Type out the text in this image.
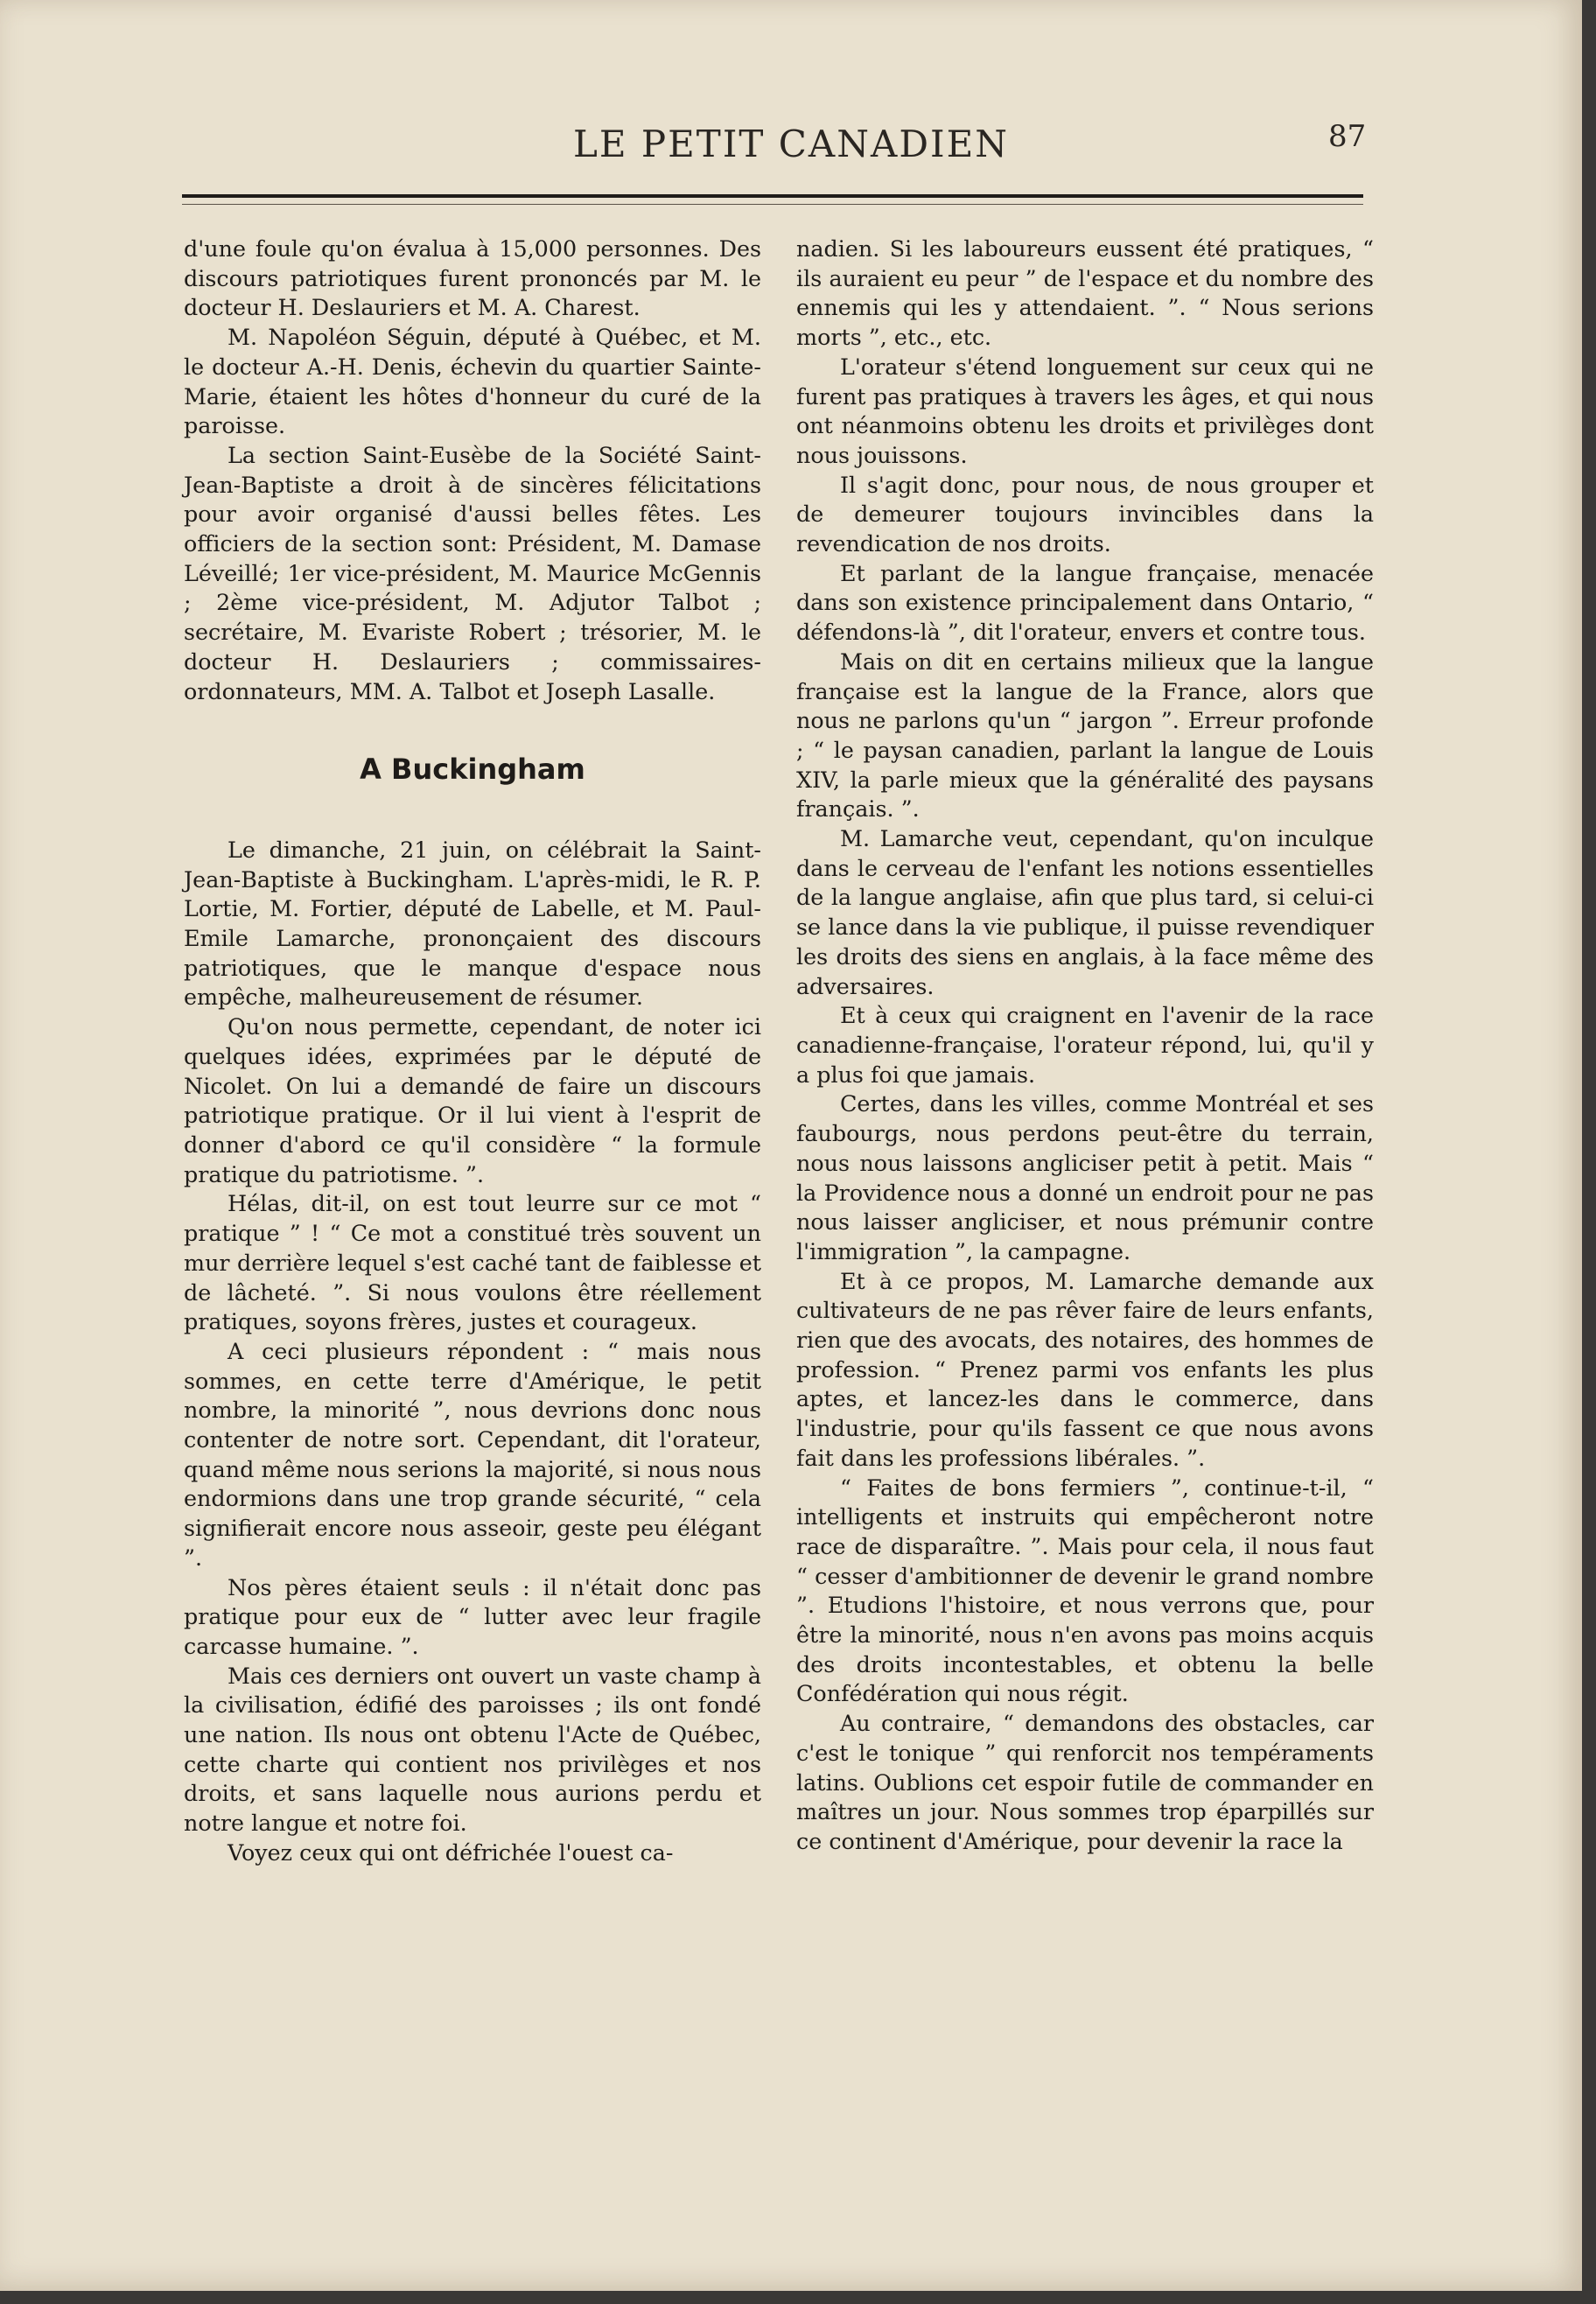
LE PETIT CANADIEN	87

d'une foule qu'on évalua à 15,000 personnes. Des discours patriotiques furent prononcés par M. le docteur H. Deslauriers et M. A. Charest.

M. Napoléon Séguin, député à Québec, et M. le docteur A.-H. Denis, échevin du quartier Sainte-Marie, étaient les hôtes d'honneur du curé de la paroisse.

La section Saint-Eusèbe de la Société Saint-Jean-Baptiste a droit à de sincères félicitations pour avoir organisé d'aussi belles fêtes. Les officiers de la section sont: Président, M. Damase Léveillé; 1er vice-président, M. Maurice McGennis ; 2ème vice-président, M. Adjutor Talbot ; secrétaire, M. Evariste Robert ; trésorier, M. le docteur H. Deslauriers ; commissaires-ordonnateurs, MM. A. Talbot et Joseph Lasalle.

A Buckingham

Le dimanche, 21 juin, on célébrait la Saint-Jean-Baptiste à Buckingham. L'après-midi, le R. P. Lortie, M. Fortier, député de Labelle, et M. Paul-Emile Lamarche, prononçaient des discours patriotiques, que le manque d'espace nous empêche, malheureusement de résumer.

Qu'on nous permette, cependant, de noter ici quelques idées, exprimées par le député de Nicolet. On lui a demandé de faire un discours patriotique pratique. Or il lui vient à l'esprit de donner d'abord ce qu'il considère “ la formule pratique du patriotisme. ”.

Hélas, dit-il, on est tout leurre sur ce mot “ pratique ” ! “ Ce mot a constitué très souvent un mur derrière lequel s'est caché tant de faiblesse et de lâcheté. ”. Si nous voulons être réellement pratiques, soyons frères, justes et courageux.

A ceci plusieurs répondent : “ mais nous sommes, en cette terre d'Amérique, le petit nombre, la minorité ”, nous devrions donc nous contenter de notre sort. Cependant, dit l'orateur, quand même nous serions la majorité, si nous nous endormions dans une trop grande sécurité, “ cela signifierait encore nous asseoir, geste peu élégant ”.

Nos pères étaient seuls : il n'était donc pas pratique pour eux de “ lutter avec leur fragile carcasse humaine. ”.

Mais ces derniers ont ouvert un vaste champ à la civilisation, édifié des paroisses ; ils ont fondé une nation. Ils nous ont obtenu l'Acte de Québec, cette charte qui contient nos privilèges et nos droits, et sans laquelle nous aurions perdu et notre langue et notre foi.

Voyez ceux qui ont défrichée l'ouest ca-

nadien. Si les laboureurs eussent été pratiques, “ ils auraient eu peur ” de l'espace et du nombre des ennemis qui les y attendaient. ”. “ Nous serions morts ”, etc., etc.

L'orateur s'étend longuement sur ceux qui ne furent pas pratiques à travers les âges, et qui nous ont néanmoins obtenu les droits et privilèges dont nous jouissons.

Il s'agit donc, pour nous, de nous grouper et de demeurer toujours invincibles dans la revendication de nos droits.

Et parlant de la langue française, menacée dans son existence principalement dans Ontario, “ défendons-là ”, dit l'orateur, envers et contre tous.

Mais on dit en certains milieux que la langue française est la langue de la France, alors que nous ne parlons qu'un “ jargon ”. Erreur profonde ; “ le paysan canadien, parlant la langue de Louis XIV, la parle mieux que la généralité des paysans français. ”.

M. Lamarche veut, cependant, qu'on inculque dans le cerveau de l'enfant les notions essentielles de la langue anglaise, afin que plus tard, si celui-ci se lance dans la vie publique, il puisse revendiquer les droits des siens en anglais, à la face même des adversaires.

Et à ceux qui craignent en l'avenir de la race canadienne-française, l'orateur répond, lui, qu'il y a plus foi que jamais.

Certes, dans les villes, comme Montréal et ses faubourgs, nous perdons peut-être du terrain, nous nous laissons angliciser petit à petit. Mais “ la Providence nous a donné un endroit pour ne pas nous laisser angliciser, et nous prémunir contre l'immigration ”, la campagne.

Et à ce propos, M. Lamarche demande aux cultivateurs de ne pas rêver faire de leurs enfants, rien que des avocats, des notaires, des hommes de profession. “ Prenez parmi vos enfants les plus aptes, et lancez-les dans le commerce, dans l'industrie, pour qu'ils fassent ce que nous avons fait dans les professions libérales. ”.

“ Faites de bons fermiers ”, continue-t-il, “ intelligents et instruits qui empêcheront notre race de disparaître. ”. Mais pour cela, il nous faut “ cesser d'ambitionner de devenir le grand nombre ”. Etudions l'histoire, et nous verrons que, pour être la minorité, nous n'en avons pas moins acquis des droits incontestables, et obtenu la belle Confédération qui nous régit.

Au contraire, “ demandons des obstacles, car c'est le tonique ” qui renforcit nos tempéraments latins. Oublions cet espoir futile de commander en maîtres un jour. Nous sommes trop éparpillés sur ce continent d'Amérique, pour devenir la race la
